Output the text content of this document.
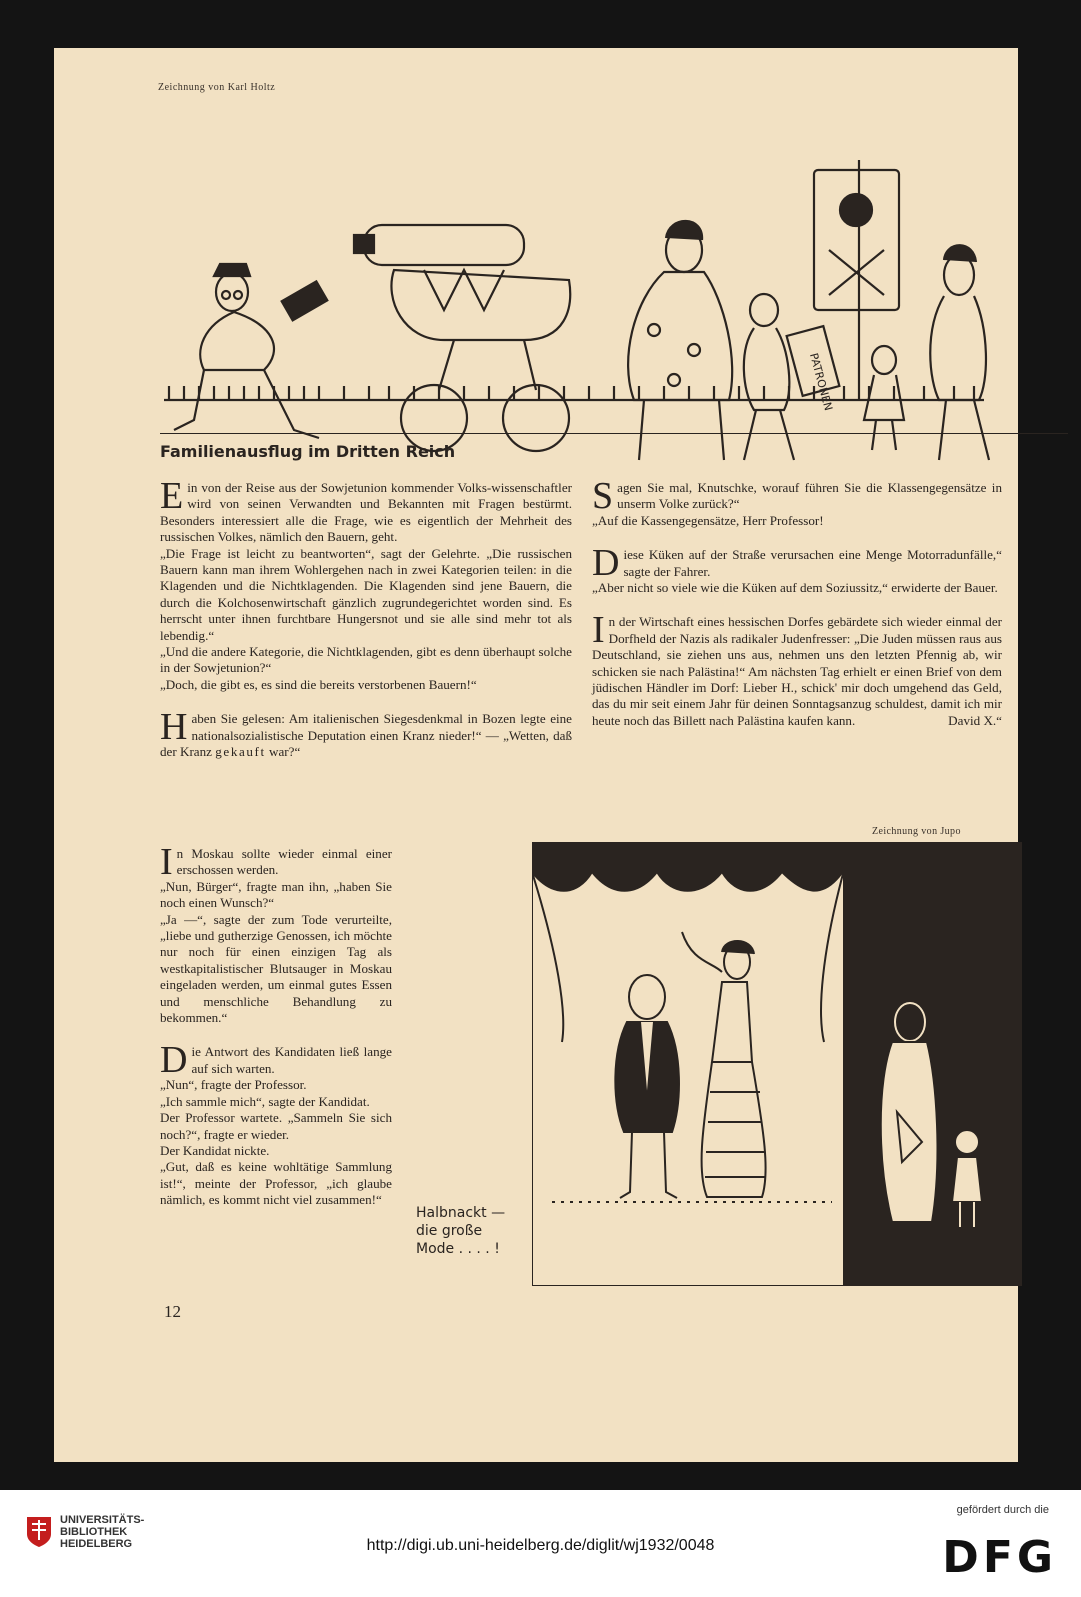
Zeichnung von Karl Holtz
PATRONEN
Familienausflug im Dritten Reich
E in von der Reise aus der Sowjetunion kommender Volks-wissenschaftler wird von seinen Verwandten und Bekannten mit Fragen bestürmt. Besonders interessiert alle die Frage, wie es eigentlich der Mehrheit des russischen Volkes, nämlich den Bauern, geht.

„Die Frage ist leicht zu beantworten“, sagt der Gelehrte. „Die russischen Bauern kann man ihrem Wohlergehen nach in zwei Kategorien teilen: in die Klagenden und die Nichtklagenden. Die Klagenden sind jene Bauern, die durch die Kolchosenwirtschaft gänzlich zugrundegerichtet worden sind. Es herrscht unter ihnen furchtbare Hungersnot und sie alle sind mehr tot als lebendig.“

„Und die andere Kategorie, die Nichtklagenden, gibt es denn überhaupt solche in der Sowjetunion?“

„Doch, die gibt es, es sind die bereits verstorbenen Bauern!“

H aben Sie gelesen: Am italienischen Siegesdenkmal in Bozen legte eine nationalsozialistische Deputation einen Kranz nieder!“ — „Wetten, daß der Kranz gekauft war?“

I n Moskau sollte wieder einmal einer erschossen werden.

„Nun, Bürger“, fragte man ihn, „haben Sie noch einen Wunsch?“

„Ja —“, sagte der zum Tode verurteilte, „liebe und gutherzige Genossen, ich möchte nur noch für einen einzigen Tag als westkapitalistischer Blutsauger in Moskau eingeladen werden, um einmal gutes Essen und menschliche Behandlung zu bekommen.“

D ie Antwort des Kandidaten ließ lange auf sich warten.

„Nun“, fragte der Professor.

„Ich sammle mich“, sagte der Kandidat.

Der Professor wartete. „Sammeln Sie sich noch?“, fragte er wieder.

Der Kandidat nickte.

„Gut, daß es keine wohltätige Sammlung ist!“, meinte der Professor, „ich glaube nämlich, es kommt nicht viel zusammen!“

S agen Sie mal, Knutschke, worauf führen Sie die Klassengegensätze in unserm Volke zurück?“

„Auf die Kassengegensätze, Herr Professor!

D iese Küken auf der Straße verursachen eine Menge Motorradunfälle,“ sagte der Fahrer.

„Aber nicht so viele wie die Küken auf dem Soziussitz,“ erwiderte der Bauer.

I n der Wirtschaft eines hessischen Dorfes gebärdete sich wieder einmal der Dorfheld der Nazis als radikaler Judenfresser: „Die Juden müssen raus aus Deutschland, sie ziehen uns aus, nehmen uns den letzten Pfennig ab, wir schicken sie nach Palästina!“ Am nächsten Tag erhielt er einen Brief von dem jüdischen Händler im Dorf: Lieber H., schick' mir doch umgehend das Geld, das du mir seit einem Jahr für deinen Sonntagsanzug schuldest, damit ich mir heute noch das Billett nach Palästina kaufen kann.	David X.“

Zeichnung von Jupo
Halbnackt —
die große
Mode . . . . !
12
UNIVERSITÄTS-
BIBLIOTHEK
HEIDELBERG	http://digi.ub.uni-heidelberg.de/diglit/wj1932/0048
gefördert durch die
DFG
